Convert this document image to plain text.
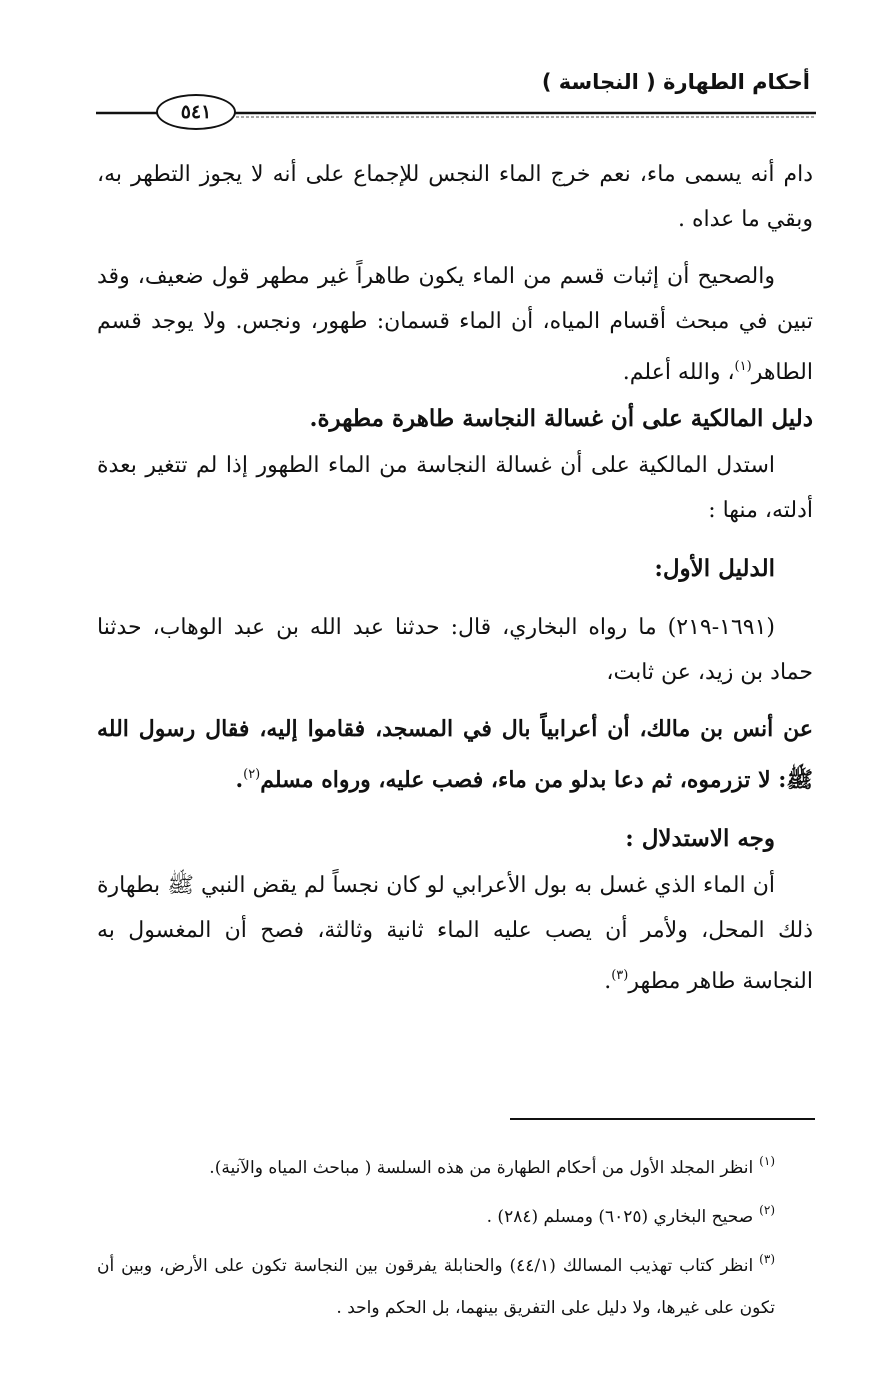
أحكام الطهارة ( النجاسة )
٥٤١

دام أنه يسمى ماء، نعم خرج الماء النجس للإجماع على أنه لا يجوز التطهر به، وبقي ما عداه .

والصحيح أن إثبات قسم من الماء يكون طاهراً غير مطهر قول ضعيف، وقد تبين في مبحث أقسام المياه، أن الماء قسمان: طهور، ونجس. ولا يوجد قسم الطاهر$^{(١)}$، والله أعلم.

دليل المالكية على أن غسالة النجاسة طاهرة مطهرة.

استدل المالكية على أن غسالة النجاسة من الماء الطهور إذا لم تتغير بعدة أدلته، منها :

الدليل الأول:

(١٦٩١-٢١٩) ما رواه البخاري، قال: حدثنا عبد الله بن عبد الوهاب، حدثنا حماد بن زيد، عن ثابت،

عن أنس بن مالك، أن أعرابياً بال في المسجد، فقاموا إليه، فقال رسول الله ﷺ: لا تزرموه، ثم دعا بدلو من ماء، فصب عليه، ورواه مسلم$^{(٢)}$.

وجه الاستدلال :

أن الماء الذي غسل به بول الأعرابي لو كان نجساً لم يقض النبي ﷺ بطهارة ذلك المحل، ولأمر أن يصب عليه الماء ثانية وثالثة، فصح أن المغسول به النجاسة طاهر مطهر$^{(٣)}$.

$^{(١)}$انظر المجلد الأول من أحكام الطهارة من هذه السلسة ( مباحث المياه والآنية).

$^{(٢)}$صحيح البخاري (٦٠٢٥) ومسلم (٢٨٤) .

$^{(٣)}$انظر كتاب تهذيب المسالك (٤٤/١) والحنابلة يفرقون بين النجاسة تكون على الأرض، وبين أن تكون على غيرها، ولا دليل على التفريق بينهما، بل الحكم واحد .
